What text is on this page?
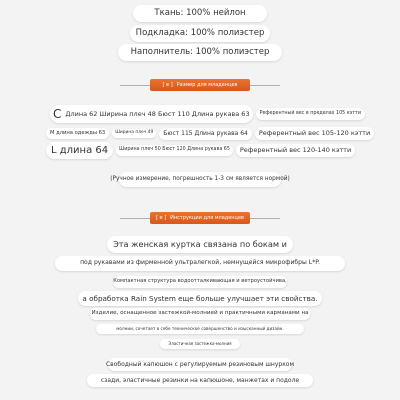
Ткань: 100% нейлон
Подкладка: 100% полиэстер
Наполнитель: 100% полиэстер
[ e ] Размер для младенцев
C Длина 62 Ширина плеч 48 Бюст 110 Длина рукава 63	Референтный вес в пределах 105 кэтти
M длина одежды 63	Ширина плеч 49	Бюст 115 Длина рукава 64	Референтный вес 105-120 кэтти
L длина 64	Ширина плеч 50 Бюст 120 Длина рукава 65	Референтный вес 120-140 кэтти
(Ручное измерение, погрешность 1-3 см является нормой)
[ e ] Инструкции для младенцев
Эта женская куртка связана по бокам и
под рукавами из фирменной ультралегкой, немнущейся микрофибры L*P.
Компактная структура водоотталкивающая и ветроустойчива,
а обработка Rain System еще больше улучшает эти свойства.
Изделие, оснащенное застежкой-молнией и практичными карманами на
молнии, сочетает в себе техническое совершенство и изысканный дизайн.
Эластичная застежка-молния
Свободный капюшон с регулируемым резиновым шнурком
сзади, эластичные резинки на капюшоне, манжетах и подоле
